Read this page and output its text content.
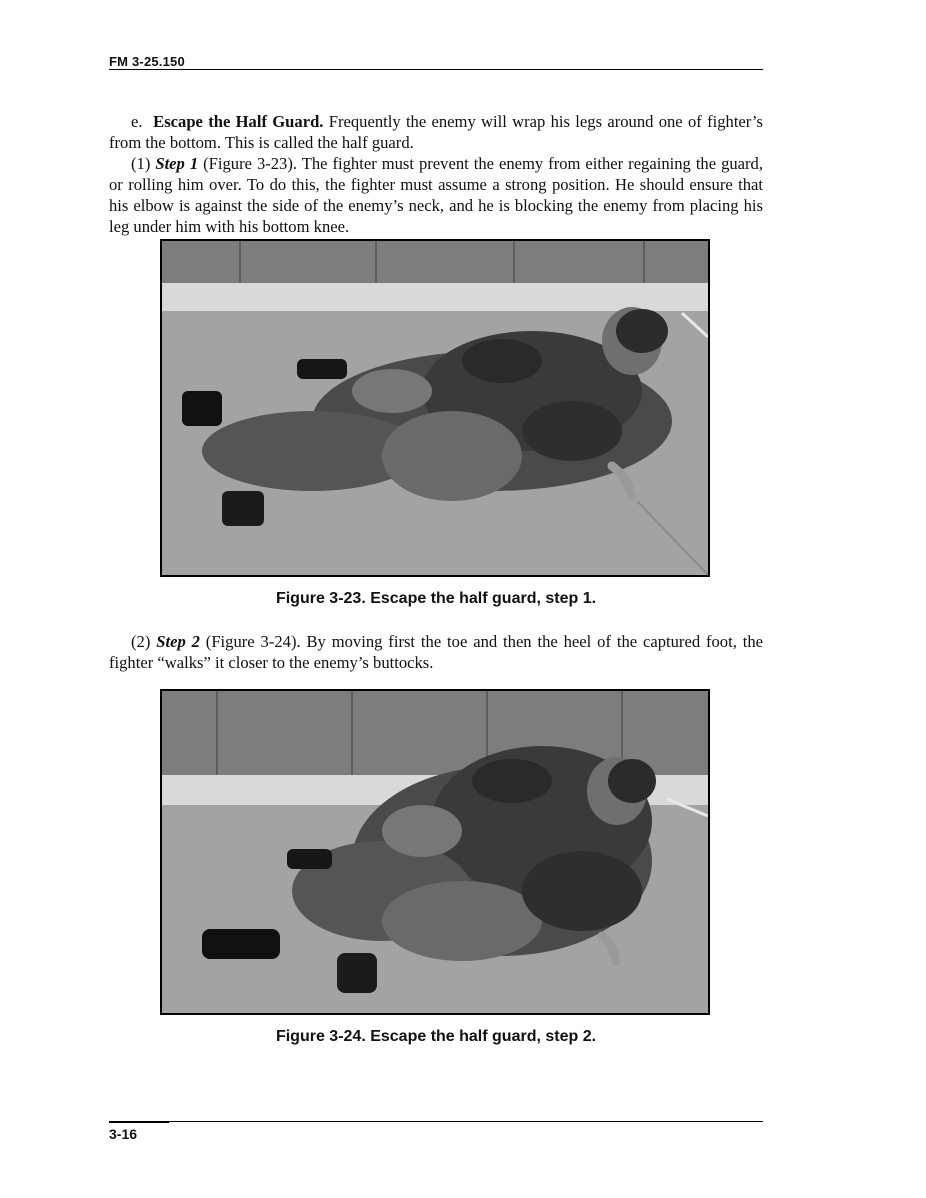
FM 3-25.150

e. Escape the Half Guard. Frequently the enemy will wrap his legs around one of fighter’s from the bottom. This is called the half guard.

(1) Step 1 (Figure 3-23). The fighter must prevent the enemy from either regaining the guard, or rolling him over. To do this, the fighter must assume a strong position. He should ensure that his elbow is against the side of the enemy’s neck, and he is blocking the enemy from placing his leg under him with his bottom knee.

Figure 3-23. Escape the half guard, step 1.

(2) Step 2 (Figure 3-24). By moving first the toe and then the heel of the captured foot, the fighter “walks” it closer to the enemy’s buttocks.

Figure 3-24. Escape the half guard, step 2.
3-16
